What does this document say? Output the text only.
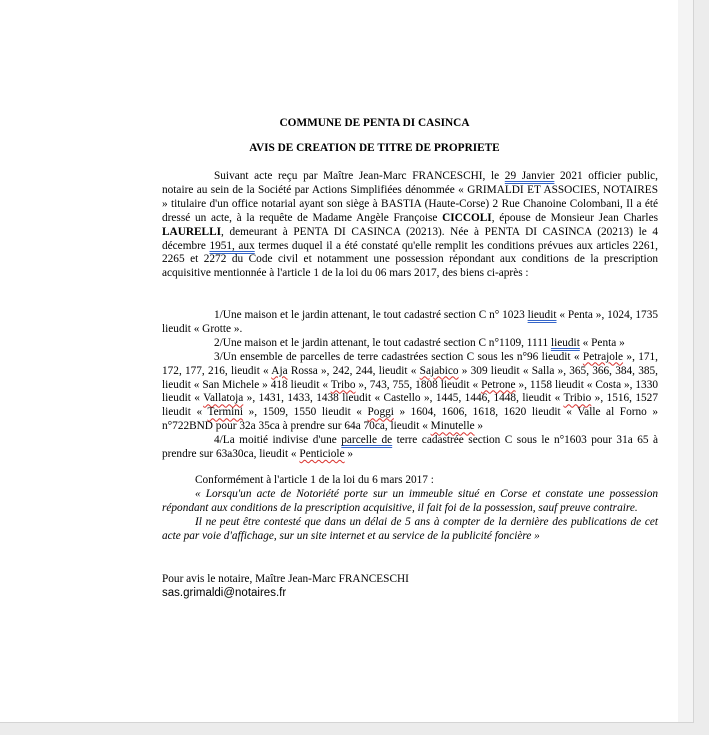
COMMUNE DE PENTA DI CASINCA
AVIS DE CREATION DE TITRE DE PROPRIETE

Suivant acte reçu par Maître Jean-Marc FRANCESCHI, le 29 Janvier 2021 officier public, notaire au sein de la Société par Actions Simplifiées dénommée « GRIMALDI ET ASSOCIES, NOTAIRES » titulaire d'un office notarial ayant son siège à BASTIA (Haute-Corse) 2 Rue Chanoine Colombani, Il a été dressé un acte, à la requête de Madame Angèle Françoise CICCOLI, épouse de Monsieur Jean Charles LAURELLI, demeurant à PENTA DI CASINCA (20213). Née à PENTA DI CASINCA (20213) le 4 décembre 1951, aux termes duquel il a été constaté qu'elle remplit les conditions prévues aux articles 2261, 2265 et 2272 du Code civil et notamment une possession répondant aux conditions de la prescription acquisitive mentionnée à l'article 1 de la loi du 06 mars 2017, des biens ci-après :

1/Une maison et le jardin attenant, le tout cadastré section C n° 1023 lieudit « Penta », 1024, 1735 lieudit « Grotte ».

2/Une maison et le jardin attenant, le tout cadastré section C n°1109, 1111 lieudit « Penta »

3/Un ensemble de parcelles de terre cadastrées section C sous les n°96 lieudit « Petrajole », 171, 172, 177, 216, lieudit « Aja Rossa », 242, 244, lieudit « Sajabico » 309 lieudit « Salla », 365, 366, 384, 385, lieudit « San Michele » 418 lieudit « Tribo », 743, 755, 1808 lieudit « Petrone », 1158 lieudit « Costa », 1330 lieudit « Vallatoja », 1431, 1433, 1438 lieudit « Castello », 1445, 1446, 1448, lieudit « Tribio », 1516, 1527 lieudit « Termini », 1509, 1550 lieudit « Poggi » 1604, 1606, 1618, 1620 lieudit « Valle al Forno » n°722BND pour 32a 35ca à prendre sur 64a 70ca, lieudit « Minutelle »

4/La moitié indivise d'une parcelle de terre cadastrée section C sous le n°1603 pour 31a 65 à prendre sur 63a30ca, lieudit « Penticiole »

Conformément à l'article 1 de la loi du 6 mars 2017 :

« Lorsqu'un acte de Notoriété porte sur un immeuble situé en Corse et constate une possession répondant aux conditions de la prescription acquisitive, il fait foi de la possession, sauf preuve contraire.

Il ne peut être contesté que dans un délai de 5 ans à compter de la dernière des publications de cet acte par voie d'affichage, sur un site internet et au service de la publicité foncière »

Pour avis le notaire, Maître Jean-Marc FRANCESCHI

sas.grimaldi@notaires.fr
